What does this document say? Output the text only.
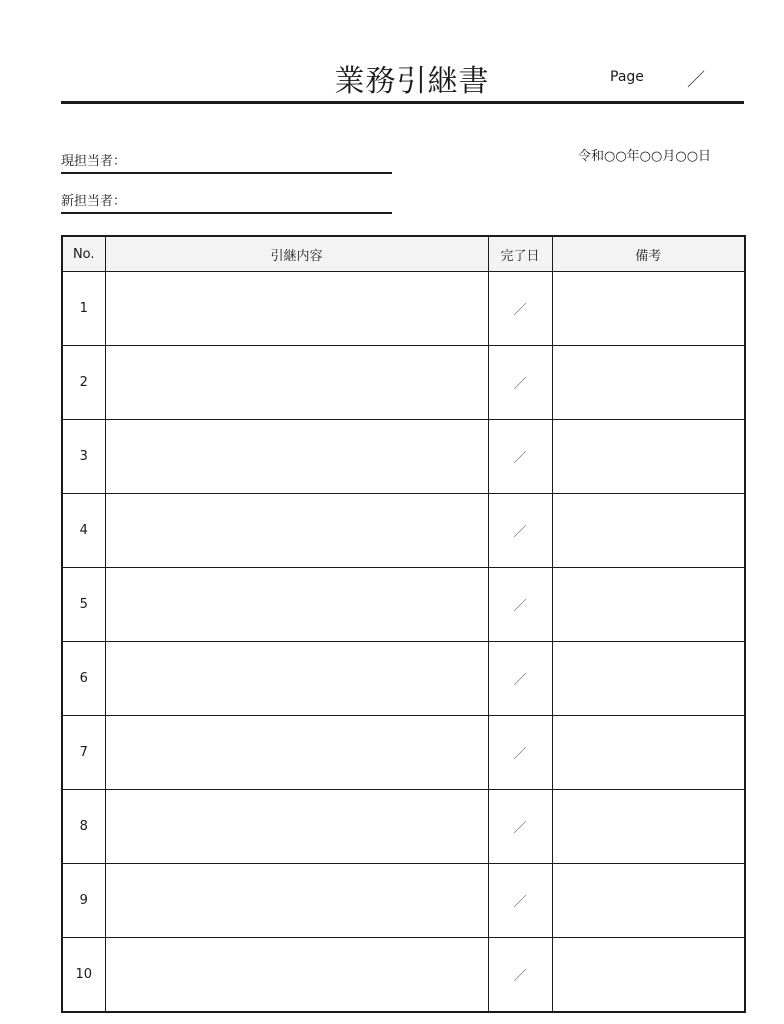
業務引継書	Page ／
令和○○年○○月○○日
現担当者：
新担当者：
No.	引継内容	完了日	備考
1		／	
2		／	
3		／	
4		／	
5		／	
6		／	
7		／	
8		／	
9		／	
10		／	
